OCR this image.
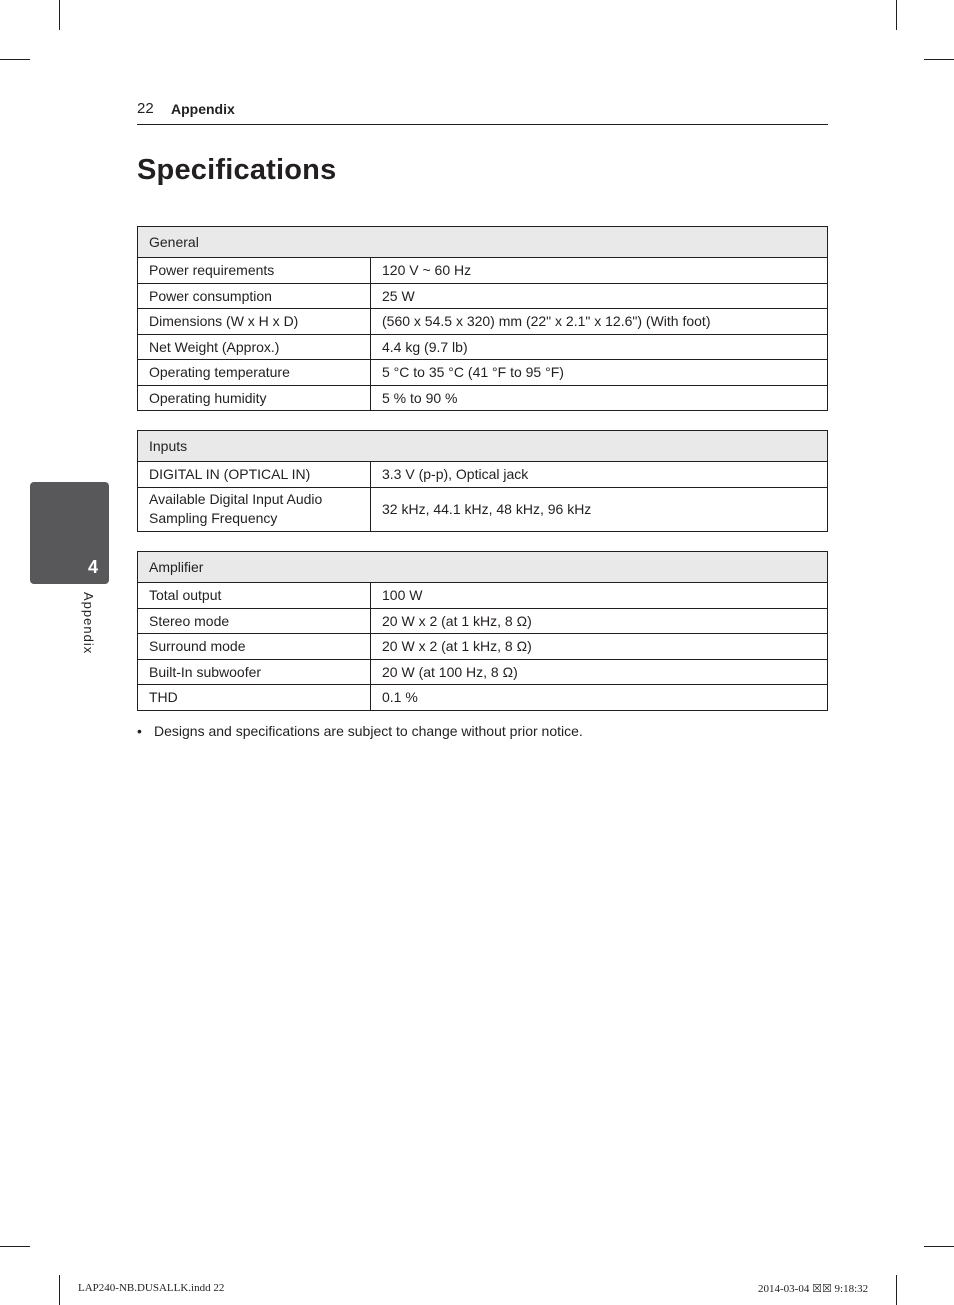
22 Appendix
Specifications
4
Appendix
General	
Power requirements	120 V ~ 60 Hz
Power consumption	25 W
Dimensions (W x H x D)	(560 x 54.5 x 320) mm (22" x 2.1" x 12.6") (With foot)
Net Weight (Approx.)	4.4 kg (9.7 lb)
Operating temperature	5 °C to 35 °C (41 °F to 95 °F)
Operating humidity	5 % to 90 %
Inputs	
DIGITAL IN (OPTICAL IN)	3.3 V (p-p), Optical jack
Available Digital Input Audio Sampling Frequency	32 kHz, 44.1 kHz, 48 kHz, 96 kHz
Amplifier	
Total output	100 W
Stereo mode	20 W x 2 (at 1 kHz, 8 Ω)
Surround mode	20 W x 2 (at 1 kHz, 8 Ω)
Built-In subwoofer	20 W (at 100 Hz, 8 Ω)
THD	0.1 %
• Designs and specifications are subject to change without prior notice.
LAP240-NB.DUSALLK.indd 22	2014-03-04 ☒☒ 9:18:32
